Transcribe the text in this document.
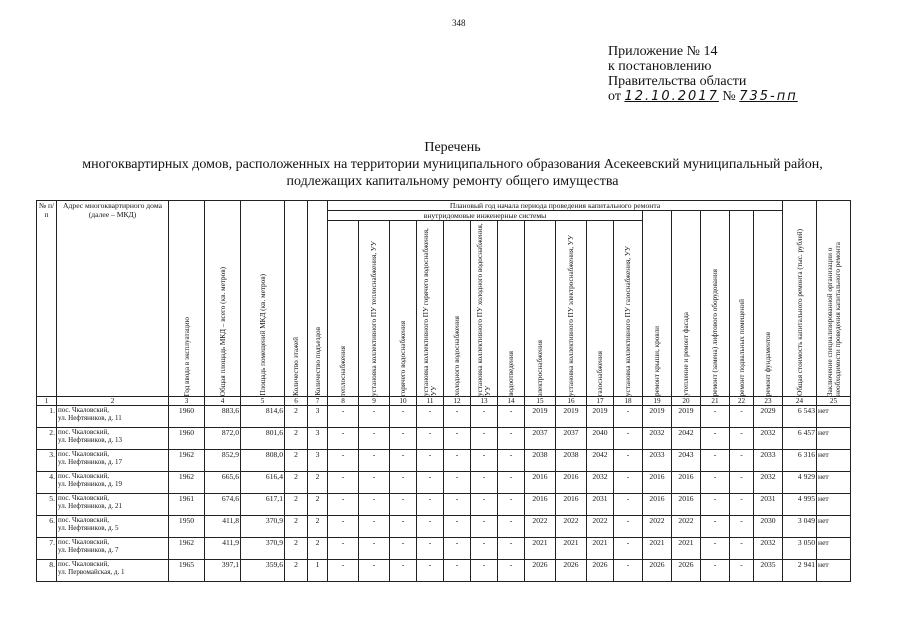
348
Приложение № 14
к постановлению
Правительства области
от 12.10.2017 № 735-пп
Перечень
многоквартирных домов, расположенных на территории муниципального образования Асекеевский муниципальный район,
подлежащих капитальному ремонту общего имущества
№ п/п	Адрес многоквартирного дома (далее – МКД)	Год ввода в эксплуатацию	Общая площадь МКД – всего (кв. метров)	Площадь помещений МКД (кв. метров)	Количество этажей	Количество подъездов	Плановый год начала периода проведения капитального ремонта																Общая стоимость капитального ремонта (тыс. рублей)	Заключение специализированной организации о необходимости проведения капитального ремонта

							внутридомовые инженерные системы											ремонт крыши, кровли	утепление и ремонт фасада	ремонт (замена) лифтового оборудования	ремонт подвальных помещений	ремонт фундаментов		

							теплоснабжения	установка коллективного ПУ теплоснабжения, УУ	горячего водоснабжения	установка коллективного ПУ горячего водоснабжения, УУ	холодного водоснабжения	установка коллективного ПУ холодного водоснабжения, УУ	водоотведения	электроснабжения	установка коллективного ПУ электроснабжения, УУ	газоснабжения	установка коллективного ПУ газоснабжения, УУ							

1	2	3	4	5	6	7	8	9	10	11	12	13	14	15	16	17	18	19	20	21	22	23	24	25
1.	пос. Чкаловский,
ул. Нефтяников, д. 11	1960	883,6	814,6	2	3	-	-	-	-	-	-	-	2019	2019	2019	-	2019	2019	-	-	2029	6 543	нет
2.	пос. Чкаловский,
ул. Нефтяников, д. 13	1960	872,0	801,6	2	3	-	-	-	-	-	-	-	2037	2037	2040	-	2032	2042	-	-	2032	6 457	нет
3.	пос. Чкаловский,
ул. Нефтяников, д. 17	1962	852,9	808,0	2	3	-	-	-	-	-	-	-	2038	2038	2042	-	2033	2043	-	-	2033	6 316	нет
4.	пос. Чкаловский,
ул. Нефтяников, д. 19	1962	665,6	616,4	2	2	-	-	-	-	-	-	-	2016	2016	2032	-	2016	2016	-	-	2032	4 929	нет
5.	пос. Чкаловский,
ул. Нефтяников, д. 21	1961	674,6	617,1	2	2	-	-	-	-	-	-	-	2016	2016	2031	-	2016	2016	-	-	2031	4 995	нет
6.	пос. Чкаловский,
ул. Нефтяников, д. 5	1950	411,8	370,9	2	2	-	-	-	-	-	-	-	2022	2022	2022	-	2022	2022	-	-	2030	3 049	нет
7.	пос. Чкаловский,
ул. Нефтяников, д. 7	1962	411,9	370,9	2	2	-	-	-	-	-	-	-	2021	2021	2021	-	2021	2021	-	-	2032	3 050	нет
8.	пос. Чкаловский,
ул. Первомайская, д. 1	1965	397,1	359,6	2	1	-	-	-	-	-	-	-	2026	2026	2026	-	2026	2026	-	-	2035	2 941	нет
